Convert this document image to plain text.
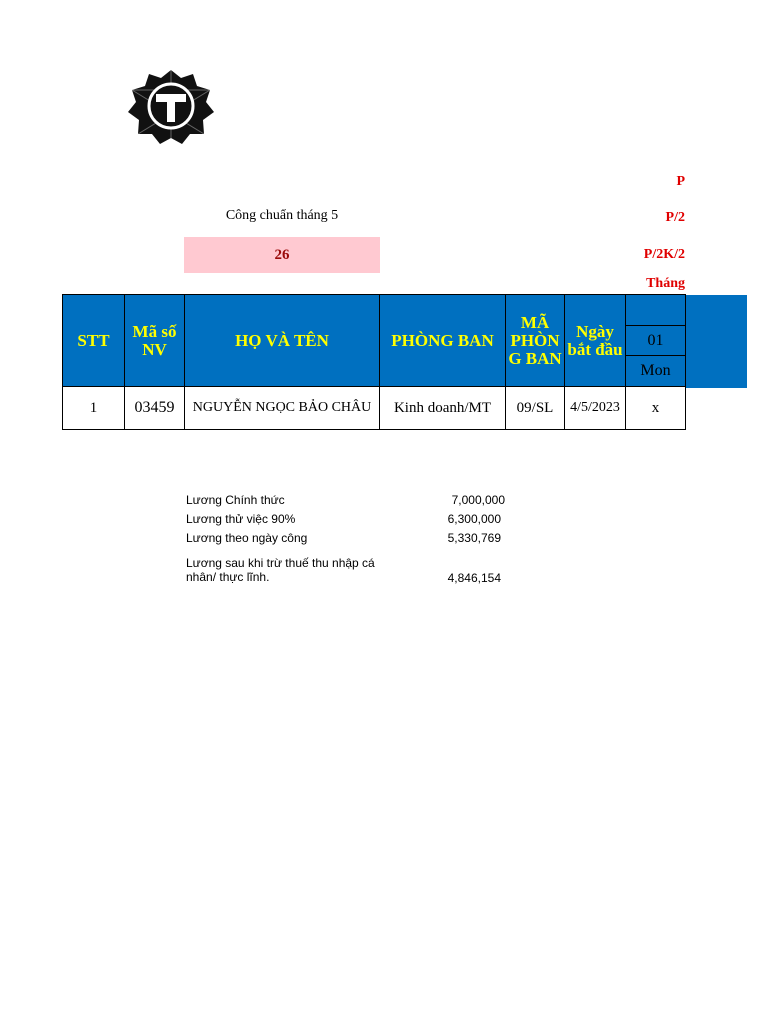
P
P/2
P/2K/2
Tháng
Công chuẩn tháng 5
26
STT	Mã số NV	HỌ VÀ TÊN	PHÒNG BAN	MÃ PHÒN G BAN	Ngày bắt đầu	
						01
						Mon
1	03459	NGUYỄN NGỌC BẢO CHÂU	Kinh doanh/MT	09/SL	4/5/2023	x
Lương Chính thức	7,000,000
Lương thử việc 90%	6,300,000
Lương theo ngày công	5,330,769
Lương sau khi trừ thuế thu nhập cá nhân/ thực lĩnh.	4,846,154
